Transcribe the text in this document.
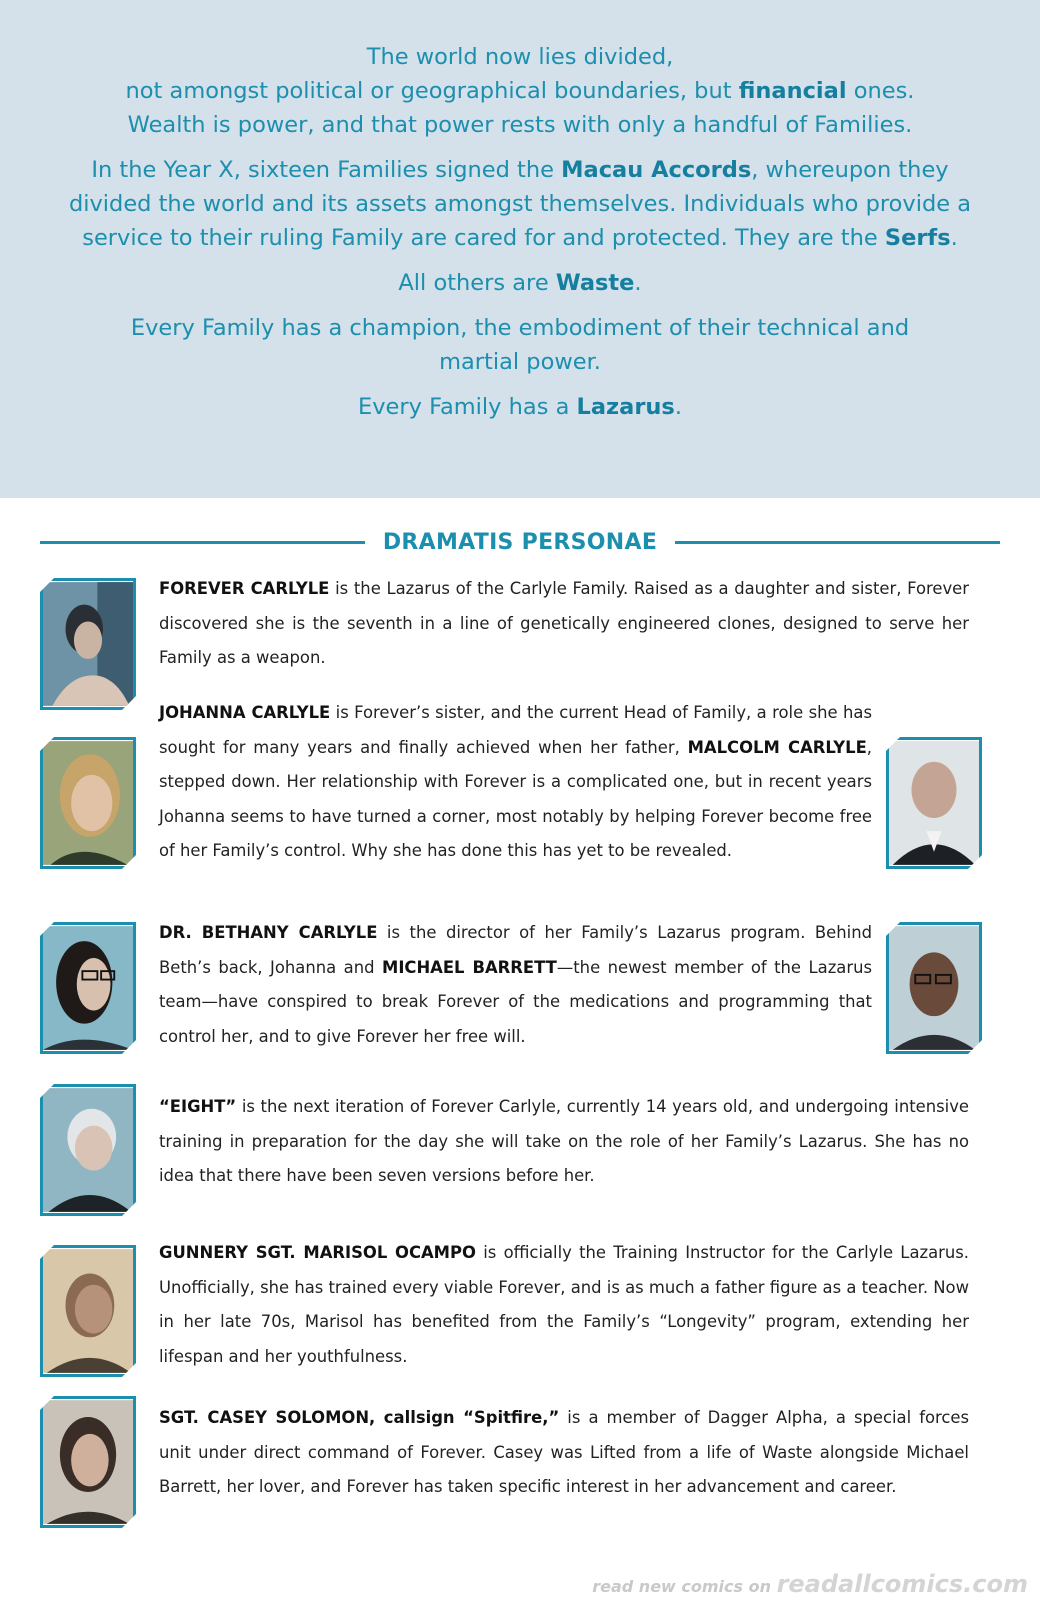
The world now lies divided,
not amongst political or geographical boundaries, but financial ones.
Wealth is power, and that power rests with only a handful of Families.

In the Year X, sixteen Families signed the Macau Accords, whereupon they divided the world and its assets amongst themselves. Individuals who provide a service to their ruling Family are cared for and protected. They are the Serfs.

All others are Waste.

Every Family has a champion, the embodiment of their technical and martial power.

Every Family has a Lazarus.

DRAMATIS PERSONAE
FOREVER CARLYLE is the Lazarus of the Carlyle Family. Raised as a daughter and sister, Forever discovered she is the seventh in a line of genetically engineered clones, designed to serve her Family as a weapon.
JOHANNA CARLYLE is Forever’s sister, and the current Head of Family, a role she has sought for many years and finally achieved when her father, MALCOLM CARLYLE, stepped down. Her relationship with Forever is a complicated one, but in recent years Johanna seems to have turned a corner, most notably by helping Forever become free of her Family’s control. Why she has done this has yet to be revealed.
DR. BETHANY CARLYLE is the director of her Family’s Lazarus program. Behind Beth’s back, Johanna and MICHAEL BARRETT—the newest member of the Lazarus team—have conspired to break Forever of the medications and programming that control her, and to give Forever her free will.
“EIGHT” is the next iteration of Forever Carlyle, currently 14 years old, and undergoing intensive training in preparation for the day she will take on the role of her Family’s Lazarus. She has no idea that there have been seven versions before her.
GUNNERY SGT. MARISOL OCAMPO is officially the Training Instructor for the Carlyle Lazarus. Unofficially, she has trained every viable Forever, and is as much a father figure as a teacher. Now in her late 70s, Marisol has benefited from the Family’s “Longevity” program, extending her lifespan and her youthfulness.
SGT. CASEY SOLOMON, callsign “Spitfire,” is a member of Dagger Alpha, a special forces unit under direct command of Forever. Casey was Lifted from a life of Waste alongside Michael Barrett, her lover, and Forever has taken specific interest in her advancement and career.
read new comics on readallcomics.com
